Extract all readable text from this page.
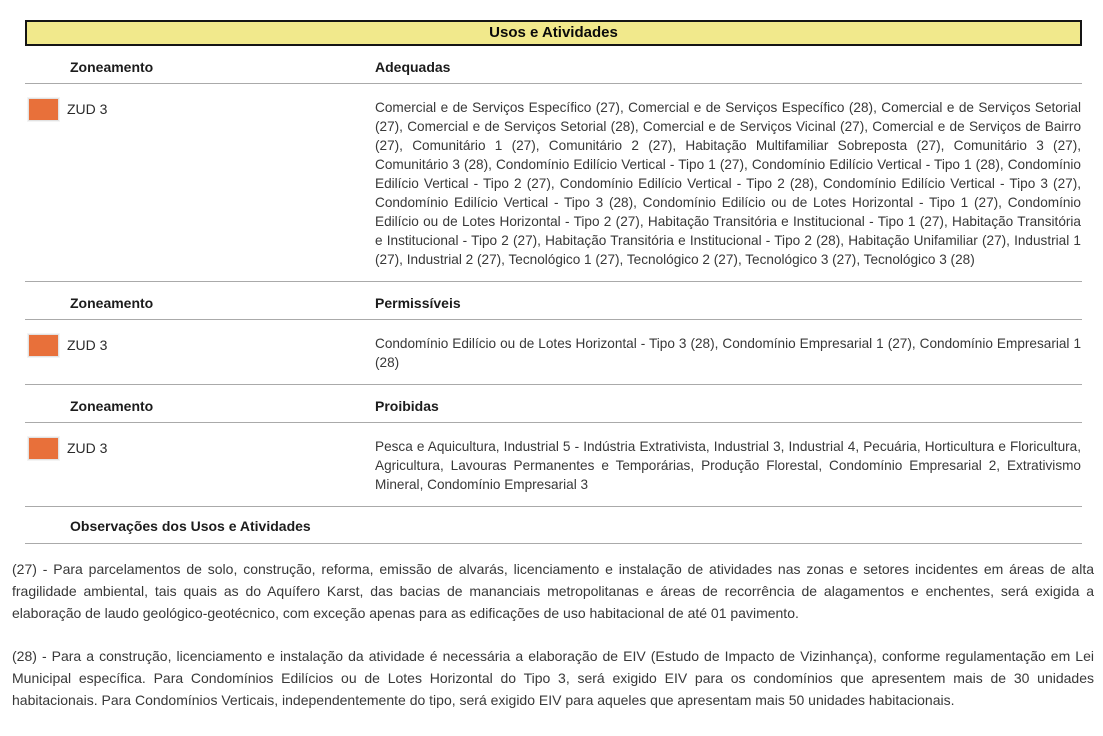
Usos e Atividades
Zoneamento	Adequadas
ZUD 3	Comercial e de Serviços Específico (27), Comercial e de Serviços Específico (28), Comercial e de Serviços Setorial (27), Comercial e de Serviços Setorial (28), Comercial e de Serviços Vicinal (27), Comercial e de Serviços de Bairro (27), Comunitário 1 (27), Comunitário 2 (27), Habitação Multifamiliar Sobreposta (27), Comunitário 3 (27), Comunitário 3 (28), Condomínio Edilício Vertical - Tipo 1 (27), Condomínio Edilício Vertical - Tipo 1 (28), Condomínio Edilício Vertical - Tipo 2 (27), Condomínio Edilício Vertical - Tipo 2 (28), Condomínio Edilício Vertical - Tipo 3 (27), Condomínio Edilício Vertical - Tipo 3 (28), Condomínio Edilício ou de Lotes Horizontal - Tipo 1 (27), Condomínio Edilício ou de Lotes Horizontal - Tipo 2 (27), Habitação Transitória e Institucional - Tipo 1 (27), Habitação Transitória e Institucional - Tipo 2 (27), Habitação Transitória e Institucional - Tipo 2 (28), Habitação Unifamiliar (27), Industrial 1 (27), Industrial 2 (27), Tecnológico 1 (27), Tecnológico 2 (27), Tecnológico 3 (27), Tecnológico 3 (28)
Zoneamento	Permissíveis
ZUD 3	Condomínio Edilício ou de Lotes Horizontal - Tipo 3 (28), Condomínio Empresarial 1 (27), Condomínio Empresarial 1 (28)
Zoneamento	Proibidas
ZUD 3	Pesca e Aquicultura, Industrial 5 - Indústria Extrativista, Industrial 3, Industrial 4, Pecuária, Horticultura e Floricultura, Agricultura, Lavouras Permanentes e Temporárias, Produção Florestal, Condomínio Empresarial 2, Extrativismo Mineral, Condomínio Empresarial 3
Observações dos Usos e Atividades

(27) - Para parcelamentos de solo, construção, reforma, emissão de alvarás, licenciamento e instalação de atividades nas zonas e setores incidentes em áreas de alta fragilidade ambiental, tais quais as do Aquífero Karst, das bacias de mananciais metropolitanas e áreas de recorrência de alagamentos e enchentes, será exigida a elaboração de laudo geológico-geotécnico, com exceção apenas para as edificações de uso habitacional de até 01 pavimento.

(28) - Para a construção, licenciamento e instalação da atividade é necessária a elaboração de EIV (Estudo de Impacto de Vizinhança), conforme regulamentação em Lei Municipal específica. Para Condomínios Edilícios ou de Lotes Horizontal do Tipo 3, será exigido EIV para os condomínios que apresentem mais de 30 unidades habitacionais. Para Condomínios Verticais, independentemente do tipo, será exigido EIV para aqueles que apresentam mais 50 unidades habitacionais.
